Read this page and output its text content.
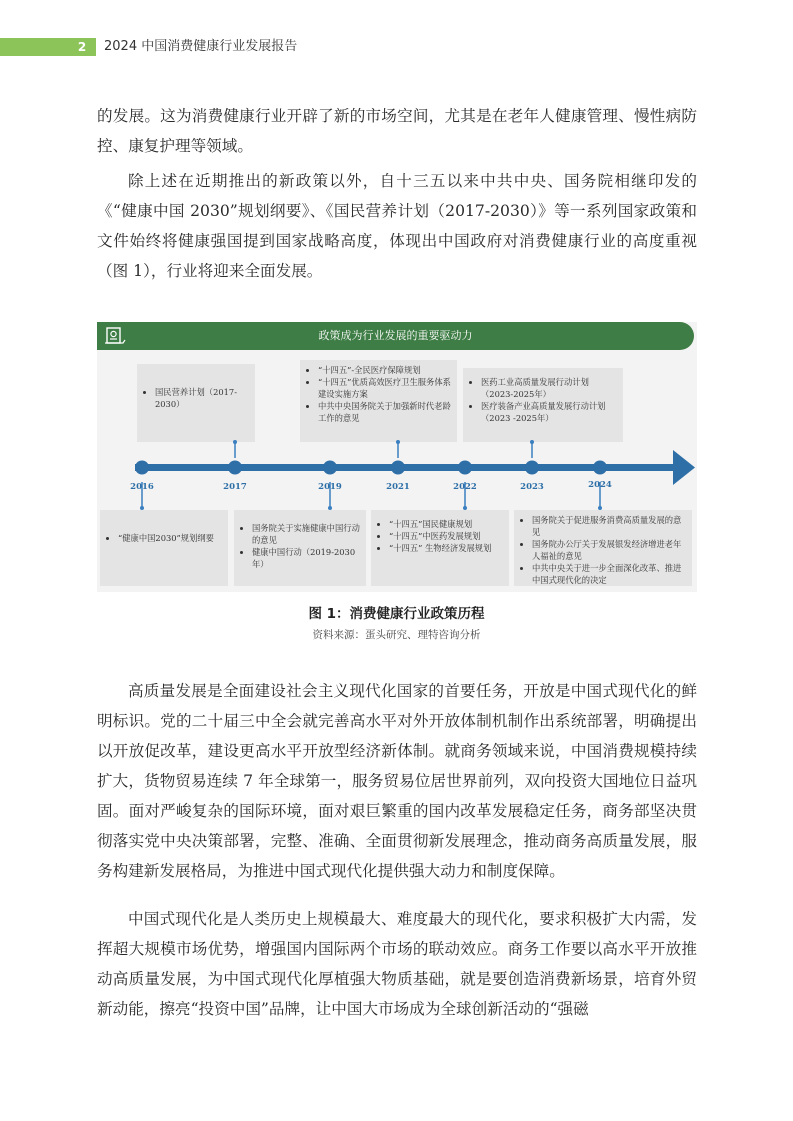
2	2024 中国消费健康行业发展报告

的发展。这为消费健康行业开辟了新的市场空间，尤其是在老年人健康管理、慢性病防控、康复护理等领域。

除上述在近期推出的新政策以外，自十三五以来中共中央、国务院相继印发的《“健康中国 2030”规划纲要》、《国民营养计划（2017-2030）》等一系列国家政策和文件始终将健康强国提到国家战略高度，体现出中国政府对消费健康行业的高度重视（图 1），行业将迎来全面发展。

政策成为行业发展的重要驱动力
• 国民营养计划（2017-2030）
• “十四五”-全民医疗保障规划
• “十四五”优质高效医疗卫生服务体系建设实施方案
• 中共中央国务院关于加强新时代老龄工作的意见
• 医药工业高质量发展行动计划（2023-2025年）
• 医疗装备产业高质量发展行动计划（2023 -2025年）
2016	2017	2019	2021	2022	2023	2024
• “健康中国2030”规划纲要
• 国务院关于实施健康中国行动的意见
• 健康中国行动（2019-2030年）
• “十四五”国民健康规划
• “十四五”中医药发展规划
• “十四五” 生物经济发展规划
• 国务院关于促进服务消费高质量发展的意见
• 国务院办公厅关于发展银发经济增进老年人福祉的意见
• 中共中央关于进一步全面深化改革、推进中国式现代化的决定
图 1：消费健康行业政策历程
资料来源：蛋头研究、理特咨询分析

高质量发展是全面建设社会主义现代化国家的首要任务，开放是中国式现代化的鲜明标识。党的二十届三中全会就完善高水平对外开放体制机制作出系统部署，明确提出以开放促改革，建设更高水平开放型经济新体制。就商务领域来说，中国消费规模持续扩大，货物贸易连续 7 年全球第一，服务贸易位居世界前列，双向投资大国地位日益巩固。面对严峻复杂的国际环境，面对艰巨繁重的国内改革发展稳定任务，商务部坚决贯彻落实党中央决策部署，完整、准确、全面贯彻新发展理念，推动商务高质量发展，服务构建新发展格局，为推进中国式现代化提供强大动力和制度保障。

中国式现代化是人类历史上规模最大、难度最大的现代化，要求积极扩大内需，发挥超大规模市场优势，增强国内国际两个市场的联动效应。商务工作要以高水平开放推动高质量发展，为中国式现代化厚植强大物质基础，就是要创造消费新场景，培育外贸新动能，擦亮“投资中国”品牌，让中国大市场成为全球创新活动的“强磁
